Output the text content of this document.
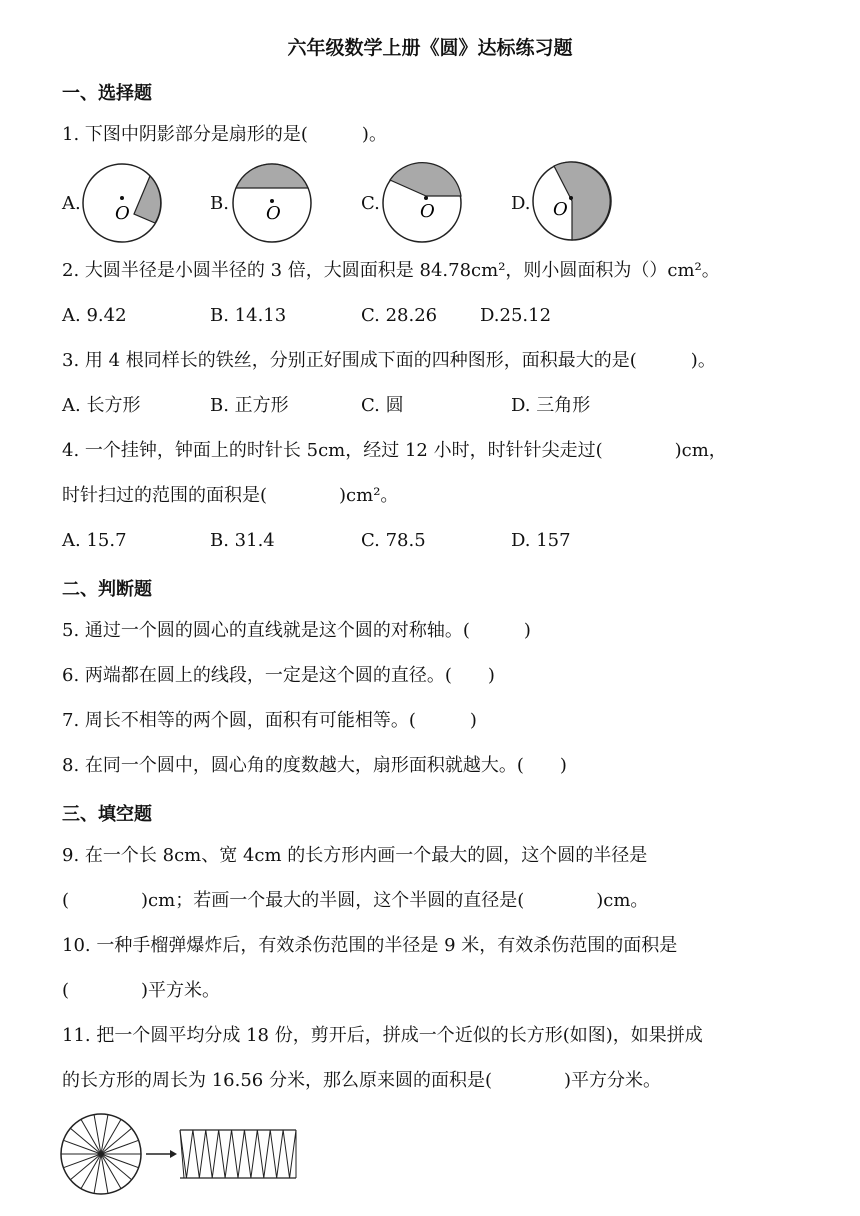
六年级数学上册《圆》达标练习题
一、选择题
1. 下图中阴影部分是扇形的是(　　　)。
A.	B.	C.	D.
O	O	O	O
2. 大圆半径是小圆半径的 3 倍，大圆面积是 84.78cm²，则小圆面积为（）cm²。
A. 9.42	B. 14.13	C. 28.26 D.25.12
3. 用 4 根同样长的铁丝，分别正好围成下面的四种图形，面积最大的是(　　　)。
A. 长方形	B. 正方形	C. 圆	D. 三角形
4. 一个挂钟，钟面上的时针长 5cm，经过 12 小时，时针针尖走过(　　　　)cm，
时针扫过的范围的面积是(　　　　)cm²。
A. 15.7	B. 31.4	C. 78.5	D. 157
二、判断题
5. 通过一个圆的圆心的直线就是这个圆的对称轴。(　　　)
6. 两端都在圆上的线段，一定是这个圆的直径。(　　)
7. 周长不相等的两个圆，面积有可能相等。(　　　)
8. 在同一个圆中，圆心角的度数越大，扇形面积就越大。(　　)
三、填空题
9. 在一个长 8cm、宽 4cm 的长方形内画一个最大的圆，这个圆的半径是
(　　　　)cm；若画一个最大的半圆，这个半圆的直径是(　　　　)cm。
10. 一种手榴弹爆炸后，有效杀伤范围的半径是 9 米，有效杀伤范围的面积是
(　　　　)平方米。
11. 把一个圆平均分成 18 份，剪开后，拼成一个近似的长方形(如图)，如果拼成
的长方形的周长为 16.56 分米，那么原来圆的面积是(　　　　)平方分米。
